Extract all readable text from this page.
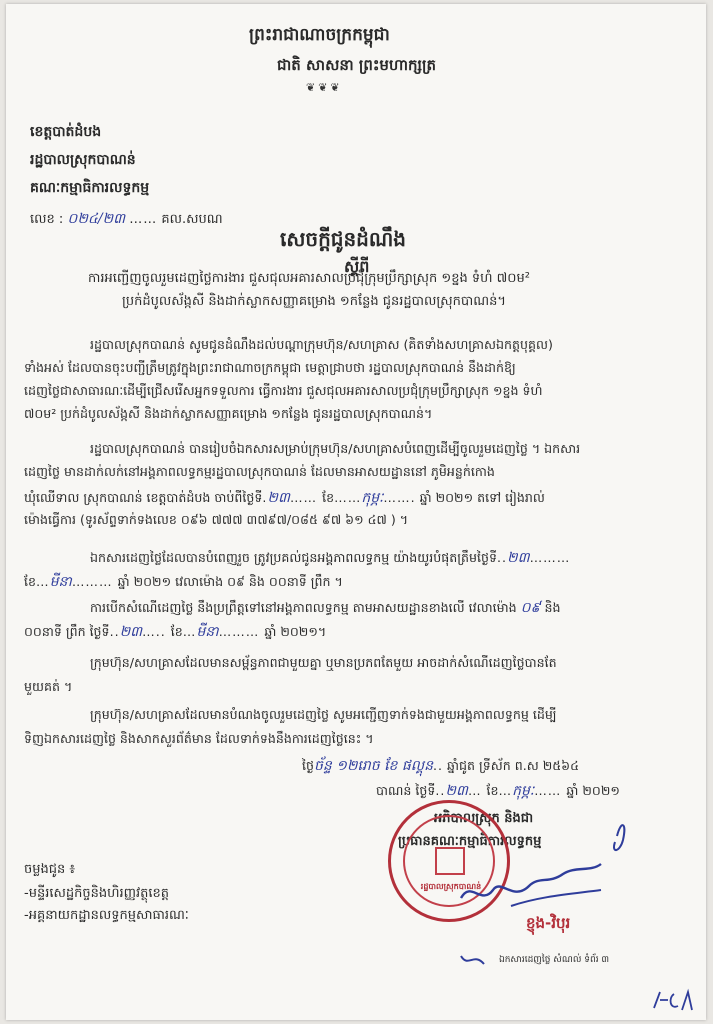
ព្រះរាជាណាចក្រកម្ពុជា
ជាតិ សាសនា ព្រះមហាក្សត្រ
❦❦❦
ខេត្តបាត់ដំបង
រដ្ឋបាលស្រុកបាណន់
គណៈកម្មាធិការលទ្ធកម្ម
លេខ : ០២៤/២៣ …… គល.សបណ
សេចក្តីជូនដំណឹង
ស្តីពី
ការអញ្ជើញចូលរួមដេញថ្លៃការងារ ជួសជុលអគារសាលប្រជុំក្រុមប្រឹក្សាស្រុក ១ខ្នង ទំហំ ៧០ម²
ប្រក់ដំបូលស័ង្កសី និងដាក់ស្លាកសញ្ញាគម្រោង ១កន្លែង ជូនរដ្ឋបាលស្រុកបាណន់។
រដ្ឋបាលស្រុកបាណន់ សូមជូនដំណឹងដល់បណ្តាក្រុមហ៊ុន/សហគ្រាស (គិតទាំងសហគ្រាសឯកត្តបុគ្គល)
ទាំងអស់ ដែលបានចុះបញ្ជីត្រឹមត្រូវក្នុងព្រះរាជាណាចក្រកម្ពុជា មេត្តាជ្រាបថា រដ្ឋបាលស្រុកបាណន់ នឹងដាក់ឱ្យ
ដេញថ្លៃជាសាធារណៈដើម្បីជ្រើសរើសអ្នកទទួលការ ធ្វើការងារ ជួសជុលអគារសាលប្រជុំក្រុមប្រឹក្សាស្រុក ១ខ្នង ទំហំ
៧០ម² ប្រក់ដំបូលស័ង្កសី និងដាក់ស្លាកសញ្ញាគម្រោង ១កន្លែង ជូនរដ្ឋបាលស្រុកបាណន់។
រដ្ឋបាលស្រុកបាណន់ បានរៀបចំឯកសារសម្រាប់ក្រុមហ៊ុន/សហគ្រាសបំពេញដើម្បីចូលរួមដេញថ្លៃ ។ ឯកសារ
ដេញថ្លៃ មានដាក់លក់នៅអង្គភាពលទ្ធកម្មរដ្ឋបាលស្រុកបាណន់ ដែលមានអាសយដ្ឋាននៅ ភូមិអន្លក់កោង
ឃុំឈើទាល ស្រុកបាណន់ ខេត្តបាត់ដំបង ចាប់ពីថ្ងៃទី.២៣…… ខែ……កុម្ភៈ……. ឆ្នាំ ២០២១ តទៅ រៀងរាល់
ម៉ោងធ្វើការ (ទូរស័ព្ទទាក់ទងលេខ ០៩៦ ៧៧៧ ៣៧៩៧/០៨៥ ៩៧ ៦១ ៤៧ ) ។
ឯកសារដេញថ្លៃដែលបានបំពេញរួច ត្រូវប្រគល់ជូនអង្គភាពលទ្ធកម្ម យ៉ាងយូរបំផុតត្រឹមថ្ងៃទី..២៣………
ខែ…មីនា……… ឆ្នាំ ២០២១ វេលាម៉ោង ០៩ និង ០០នាទី ព្រឹក ។
ការបើកសំណើដេញថ្លៃ នឹងប្រព្រឹត្តទៅនៅអង្គភាពលទ្ធកម្ម តាមអាសយដ្ឋានខាងលើ វេលាម៉ោង ០៩ និង
០០នាទី ព្រឹក ថ្ងៃទី..២៣….. ខែ…មីនា……… ឆ្នាំ ២០២១។
ក្រុមហ៊ុន/សហគ្រាសដែលមានសម្ព័ន្ធភាពជាមួយគ្នា ឬមានប្រភពតែមួយ អាចដាក់សំណើដេញថ្លៃបានតែ
មួយគត់ ។
ក្រុមហ៊ុន/សហគ្រាសដែលមានបំណងចូលរួមដេញថ្លៃ សូមអញ្ជើញទាក់ទងជាមួយអង្គភាពលទ្ធកម្ម ដើម្បី
ទិញឯកសារដេញថ្លៃ និងសាកសួរព័ត៌មាន ដែលទាក់ទងនឹងការដេញថ្លៃនេះ ។
ថ្ងៃច័ន្ទ ១២រោច ខែ ផល្គុន.. ឆ្នាំជូត ទ្រីស័ក ព.ស ២៥៦៤
បាណន់ ថ្ងៃទី..២៣… ខែ…កុម្ភៈ…… ឆ្នាំ ២០២១
អភិបាលស្រុក និងជា
ប្រធានគណៈកម្មាធិការលទ្ធកម្ម
រដ្ឋបាលស្រុកបាណន់
ខ្ញុង-វិបុរ
ចម្លងជូន ៖
-មន្ទីរសេដ្ឋកិច្ចនិងហិរញ្ញវត្ថុខេត្ត
-អគ្គនាយកដ្ឋានលទ្ធកម្មសាធារណៈ
ឯកសារដេញថ្លៃ សំណល់ ទំព័រ ៣
